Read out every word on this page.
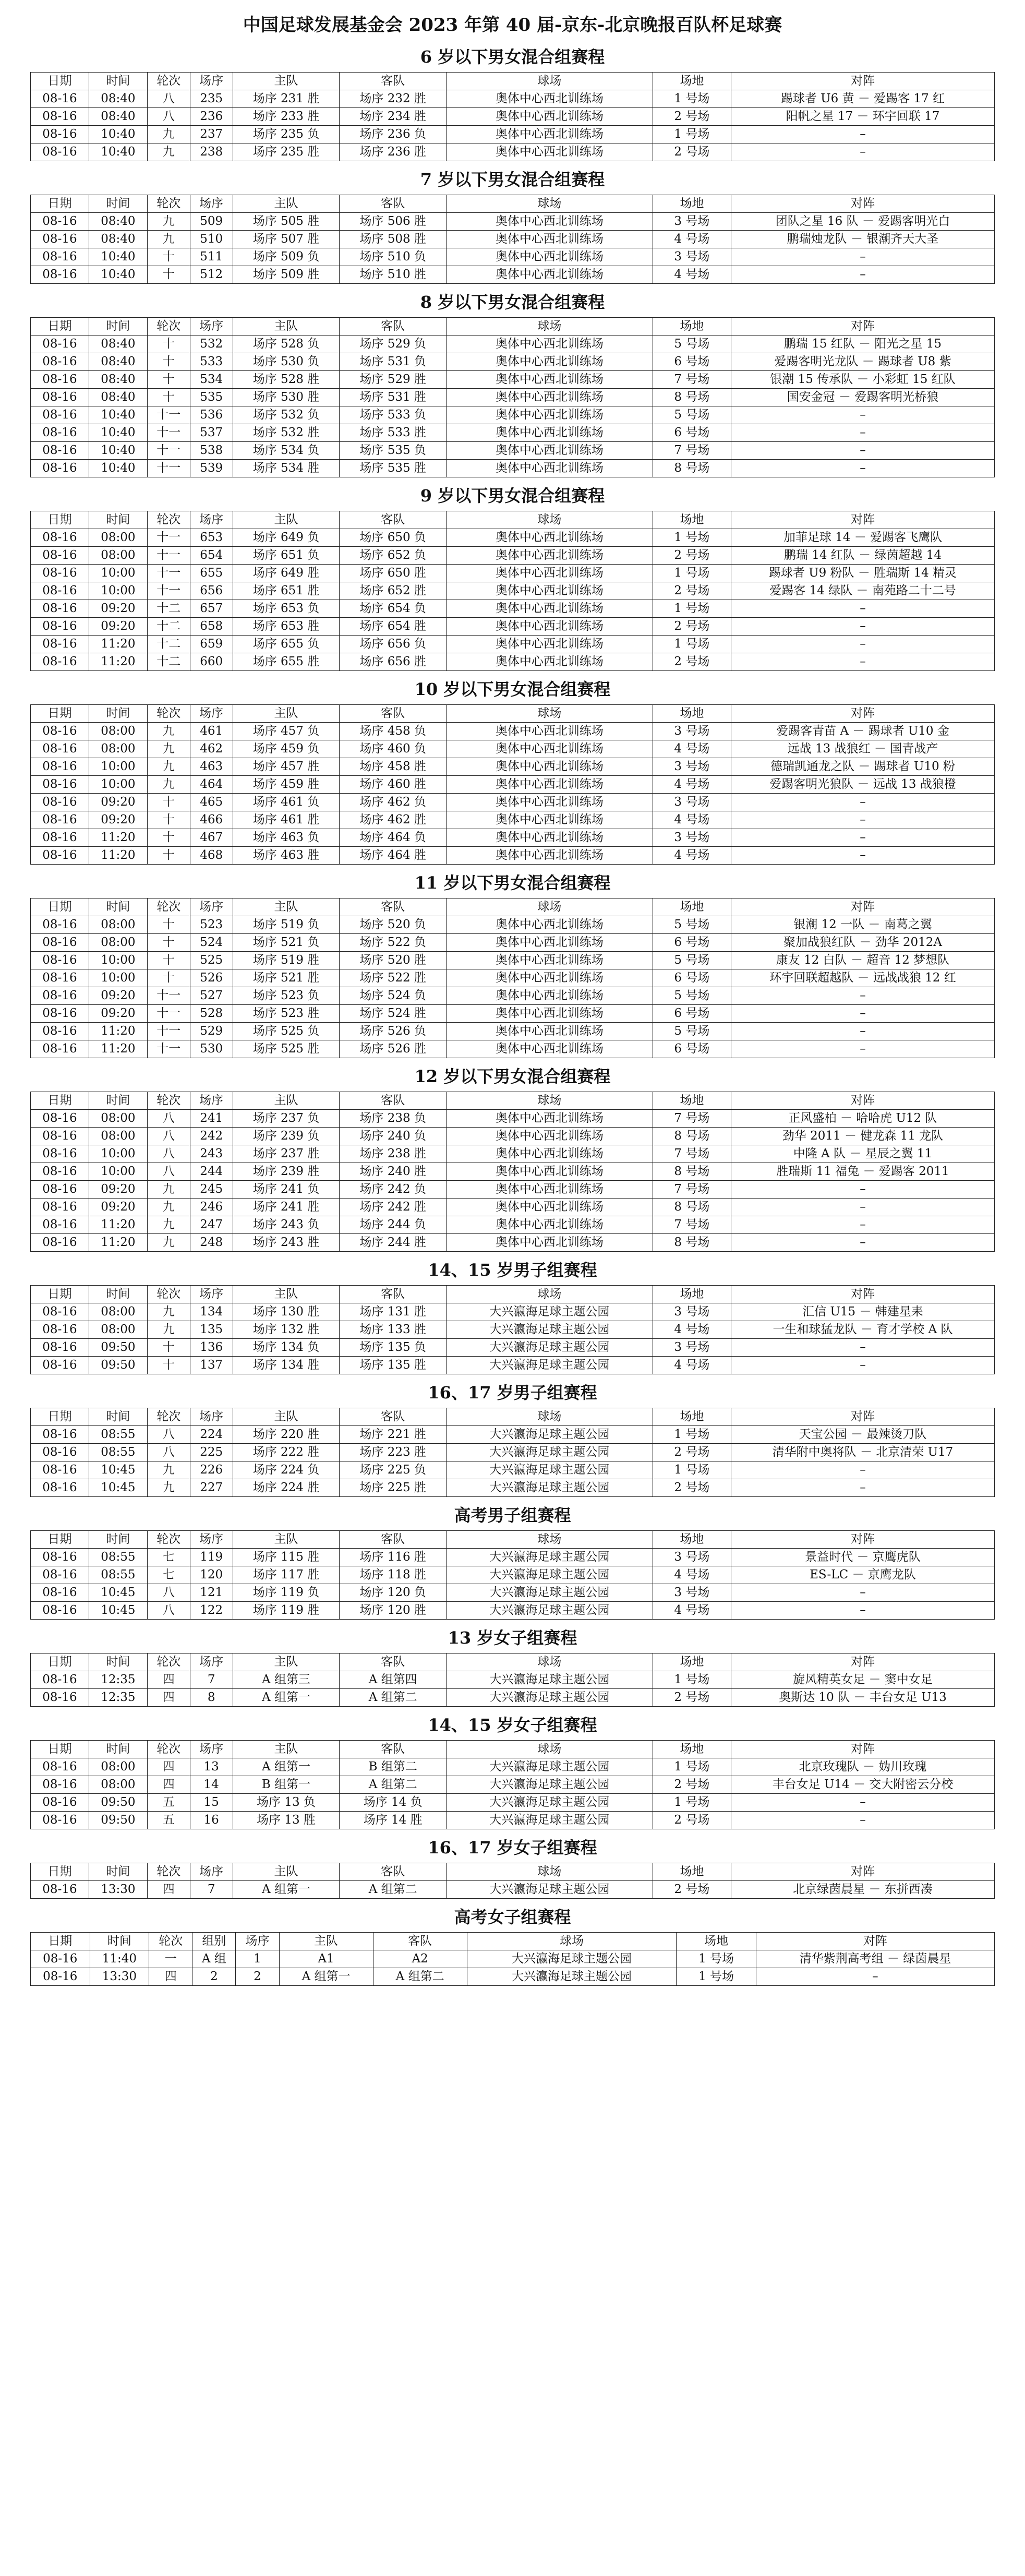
中国足球发展基金会 2023 年第 40 届-京东-北京晚报百队杯足球赛
6 岁以下男女混合组赛程
日期	时间	轮次	场序	主队	客队	球场	场地	对阵
08-16	08:40	八	235	场序 231 胜	场序 232 胜	奥体中心西北训练场	1 号场	踢球者 U6 黄 － 爱踢客 17 红
08-16	08:40	八	236	场序 233 胜	场序 234 胜	奥体中心西北训练场	2 号场	阳帆之星 17 － 环宇回联 17
08-16	10:40	九	237	场序 235 负	场序 236 负	奥体中心西北训练场	1 号场	–
08-16	10:40	九	238	场序 235 胜	场序 236 胜	奥体中心西北训练场	2 号场	–
7 岁以下男女混合组赛程
日期	时间	轮次	场序	主队	客队	球场	场地	对阵
08-16	08:40	九	509	场序 505 胜	场序 506 胜	奥体中心西北训练场	3 号场	团队之星 16 队 － 爱踢客明光白
08-16	08:40	九	510	场序 507 胜	场序 508 胜	奥体中心西北训练场	4 号场	鹏瑞烛龙队 － 银潮齐天大圣
08-16	10:40	十	511	场序 509 负	场序 510 负	奥体中心西北训练场	3 号场	–
08-16	10:40	十	512	场序 509 胜	场序 510 胜	奥体中心西北训练场	4 号场	–
8 岁以下男女混合组赛程
日期	时间	轮次	场序	主队	客队	球场	场地	对阵
08-16	08:40	十	532	场序 528 负	场序 529 负	奥体中心西北训练场	5 号场	鹏瑞 15 红队 － 阳光之星 15
08-16	08:40	十	533	场序 530 负	场序 531 负	奥体中心西北训练场	6 号场	爱踢客明光龙队 － 踢球者 U8 紫
08-16	08:40	十	534	场序 528 胜	场序 529 胜	奥体中心西北训练场	7 号场	银潮 15 传承队 － 小彩虹 15 红队
08-16	08:40	十	535	场序 530 胜	场序 531 胜	奥体中心西北训练场	8 号场	国安金冠 － 爱踢客明光桥狼
08-16	10:40	十一	536	场序 532 负	场序 533 负	奥体中心西北训练场	5 号场	–
08-16	10:40	十一	537	场序 532 胜	场序 533 胜	奥体中心西北训练场	6 号场	–
08-16	10:40	十一	538	场序 534 负	场序 535 负	奥体中心西北训练场	7 号场	–
08-16	10:40	十一	539	场序 534 胜	场序 535 胜	奥体中心西北训练场	8 号场	–
9 岁以下男女混合组赛程
日期	时间	轮次	场序	主队	客队	球场	场地	对阵
08-16	08:00	十一	653	场序 649 负	场序 650 负	奥体中心西北训练场	1 号场	加菲足球 14 － 爱踢客飞鹰队
08-16	08:00	十一	654	场序 651 负	场序 652 负	奥体中心西北训练场	2 号场	鹏瑞 14 红队 － 绿茵超越 14
08-16	10:00	十一	655	场序 649 胜	场序 650 胜	奥体中心西北训练场	1 号场	踢球者 U9 粉队 － 胜瑞斯 14 精灵
08-16	10:00	十一	656	场序 651 胜	场序 652 胜	奥体中心西北训练场	2 号场	爱踢客 14 绿队 － 南苑路二十二号
08-16	09:20	十二	657	场序 653 负	场序 654 负	奥体中心西北训练场	1 号场	–
08-16	09:20	十二	658	场序 653 胜	场序 654 胜	奥体中心西北训练场	2 号场	–
08-16	11:20	十二	659	场序 655 负	场序 656 负	奥体中心西北训练场	1 号场	–
08-16	11:20	十二	660	场序 655 胜	场序 656 胜	奥体中心西北训练场	2 号场	–
10 岁以下男女混合组赛程
日期	时间	轮次	场序	主队	客队	球场	场地	对阵
08-16	08:00	九	461	场序 457 负	场序 458 负	奥体中心西北训练场	3 号场	爱踢客青苗 A － 踢球者 U10 金
08-16	08:00	九	462	场序 459 负	场序 460 负	奥体中心西北训练场	4 号场	远战 13 战狼红 － 国青战产
08-16	10:00	九	463	场序 457 胜	场序 458 胜	奥体中心西北训练场	3 号场	德瑞凯通龙之队 － 踢球者 U10 粉
08-16	10:00	九	464	场序 459 胜	场序 460 胜	奥体中心西北训练场	4 号场	爱踢客明光狼队 － 远战 13 战狼橙
08-16	09:20	十	465	场序 461 负	场序 462 负	奥体中心西北训练场	3 号场	–
08-16	09:20	十	466	场序 461 胜	场序 462 胜	奥体中心西北训练场	4 号场	–
08-16	11:20	十	467	场序 463 负	场序 464 负	奥体中心西北训练场	3 号场	–
08-16	11:20	十	468	场序 463 胜	场序 464 胜	奥体中心西北训练场	4 号场	–
11 岁以下男女混合组赛程
日期	时间	轮次	场序	主队	客队	球场	场地	对阵
08-16	08:00	十	523	场序 519 负	场序 520 负	奥体中心西北训练场	5 号场	银潮 12 一队 － 南葛之翼
08-16	08:00	十	524	场序 521 负	场序 522 负	奥体中心西北训练场	6 号场	聚加战狼红队 － 劲华 2012A
08-16	10:00	十	525	场序 519 胜	场序 520 胜	奥体中心西北训练场	5 号场	康友 12 白队 － 超音 12 梦想队
08-16	10:00	十	526	场序 521 胜	场序 522 胜	奥体中心西北训练场	6 号场	环宇回联超越队 － 远战战狼 12 红
08-16	09:20	十一	527	场序 523 负	场序 524 负	奥体中心西北训练场	5 号场	–
08-16	09:20	十一	528	场序 523 胜	场序 524 胜	奥体中心西北训练场	6 号场	–
08-16	11:20	十一	529	场序 525 负	场序 526 负	奥体中心西北训练场	5 号场	–
08-16	11:20	十一	530	场序 525 胜	场序 526 胜	奥体中心西北训练场	6 号场	–
12 岁以下男女混合组赛程
日期	时间	轮次	场序	主队	客队	球场	场地	对阵
08-16	08:00	八	241	场序 237 负	场序 238 负	奥体中心西北训练场	7 号场	正风盛柏 － 哈哈虎 U12 队
08-16	08:00	八	242	场序 239 负	场序 240 负	奥体中心西北训练场	8 号场	劲华 2011 － 健龙森 11 龙队
08-16	10:00	八	243	场序 237 胜	场序 238 胜	奥体中心西北训练场	7 号场	中隆 A 队 － 星辰之翼 11
08-16	10:00	八	244	场序 239 胜	场序 240 胜	奥体中心西北训练场	8 号场	胜瑞斯 11 福兔 － 爱踢客 2011
08-16	09:20	九	245	场序 241 负	场序 242 负	奥体中心西北训练场	7 号场	–
08-16	09:20	九	246	场序 241 胜	场序 242 胜	奥体中心西北训练场	8 号场	–
08-16	11:20	九	247	场序 243 负	场序 244 负	奥体中心西北训练场	7 号场	–
08-16	11:20	九	248	场序 243 胜	场序 244 胜	奥体中心西北训练场	8 号场	–
14、15 岁男子组赛程
日期	时间	轮次	场序	主队	客队	球场	场地	对阵
08-16	08:00	九	134	场序 130 胜	场序 131 胜	大兴瀛海足球主题公园	3 号场	汇信 U15 － 韩建星耒
08-16	08:00	九	135	场序 132 胜	场序 133 胜	大兴瀛海足球主题公园	4 号场	一生和球猛龙队 － 育才学校 A 队
08-16	09:50	十	136	场序 134 负	场序 135 负	大兴瀛海足球主题公园	3 号场	–
08-16	09:50	十	137	场序 134 胜	场序 135 胜	大兴瀛海足球主题公园	4 号场	–
16、17 岁男子组赛程
日期	时间	轮次	场序	主队	客队	球场	场地	对阵
08-16	08:55	八	224	场序 220 胜	场序 221 胜	大兴瀛海足球主题公园	1 号场	天宝公园 － 最辣烫刀队
08-16	08:55	八	225	场序 222 胜	场序 223 胜	大兴瀛海足球主题公园	2 号场	清华附中奥将队 － 北京清荣 U17
08-16	10:45	九	226	场序 224 负	场序 225 负	大兴瀛海足球主题公园	1 号场	–
08-16	10:45	九	227	场序 224 胜	场序 225 胜	大兴瀛海足球主题公园	2 号场	–
高考男子组赛程
日期	时间	轮次	场序	主队	客队	球场	场地	对阵
08-16	08:55	七	119	场序 115 胜	场序 116 胜	大兴瀛海足球主题公园	3 号场	景益时代 － 京鹰虎队
08-16	08:55	七	120	场序 117 胜	场序 118 胜	大兴瀛海足球主题公园	4 号场	ES-LC － 京鹰龙队
08-16	10:45	八	121	场序 119 负	场序 120 负	大兴瀛海足球主题公园	3 号场	–
08-16	10:45	八	122	场序 119 胜	场序 120 胜	大兴瀛海足球主题公园	4 号场	–
13 岁女子组赛程
日期	时间	轮次	场序	主队	客队	球场	场地	对阵
08-16	12:35	四	7	A 组第三	A 组第四	大兴瀛海足球主题公园	1 号场	旋风精英女足 － 窦中女足
08-16	12:35	四	8	A 组第一	A 组第二	大兴瀛海足球主题公园	2 号场	奥斯达 10 队 － 丰台女足 U13
14、15 岁女子组赛程
日期	时间	轮次	场序	主队	客队	球场	场地	对阵
08-16	08:00	四	13	A 组第一	B 组第二	大兴瀛海足球主题公园	1 号场	北京玫瑰队 － 妫川玫瑰
08-16	08:00	四	14	B 组第一	A 组第二	大兴瀛海足球主题公园	2 号场	丰台女足 U14 － 交大附密云分校
08-16	09:50	五	15	场序 13 负	场序 14 负	大兴瀛海足球主题公园	1 号场	–
08-16	09:50	五	16	场序 13 胜	场序 14 胜	大兴瀛海足球主题公园	2 号场	–
16、17 岁女子组赛程
日期	时间	轮次	场序	主队	客队	球场	场地	对阵
08-16	13:30	四	7	A 组第一	A 组第二	大兴瀛海足球主题公园	2 号场	北京绿茵晨星 － 东拼西凑
高考女子组赛程
日期	时间	轮次	组别	场序	主队	客队	球场	场地	对阵
08-16	11:40	一	A 组	1	A1	A2	大兴瀛海足球主题公园	1 号场	清华紫荆高考组 － 绿茵晨星
08-16	13:30	四	2	2	A 组第一	A 组第二	大兴瀛海足球主题公园	1 号场	–
